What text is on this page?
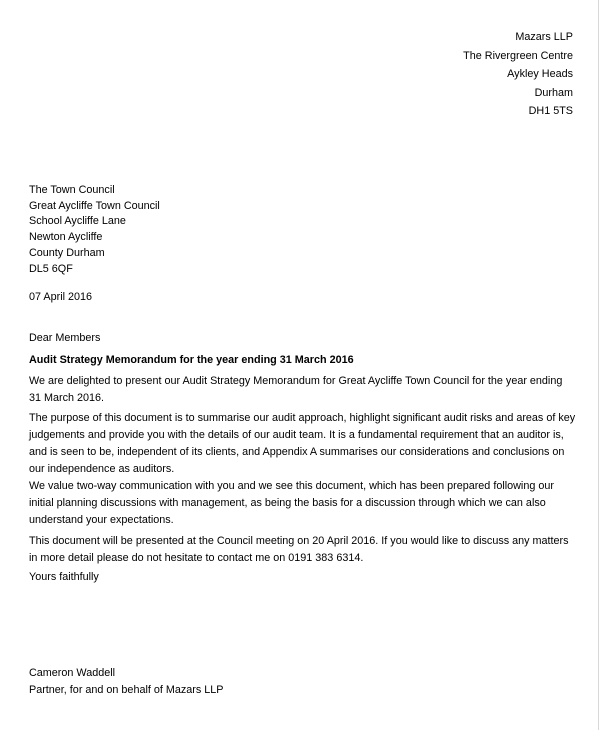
Mazars LLP
The Rivergreen Centre
Aykley Heads
Durham
DH1 5TS
The Town Council
Great Aycliffe Town Council
School Aycliffe Lane
Newton Aycliffe
County Durham
DL5 6QF
07 April 2016
Dear Members
Audit Strategy Memorandum for the year ending 31 March 2016
We are delighted to present our Audit Strategy Memorandum for Great Aycliffe Town Council for the year ending
31 March 2016.
The purpose of this document is to summarise our audit approach, highlight significant audit risks and areas of key
judgements and provide you with the details of our audit team. It is a fundamental requirement that an auditor is,
and is seen to be, independent of its clients, and Appendix A summarises our considerations and conclusions on
our independence as auditors.
We value two-way communication with you and we see this document, which has been prepared following our
initial planning discussions with management, as being the basis for a discussion through which we can also
understand your expectations.
This document will be presented at the Council meeting on 20 April 2016. If you would like to discuss any matters
in more detail please do not hesitate to contact me on 0191 383 6314.
Yours faithfully
Cameron Waddell
Partner, for and on behalf of Mazars LLP
